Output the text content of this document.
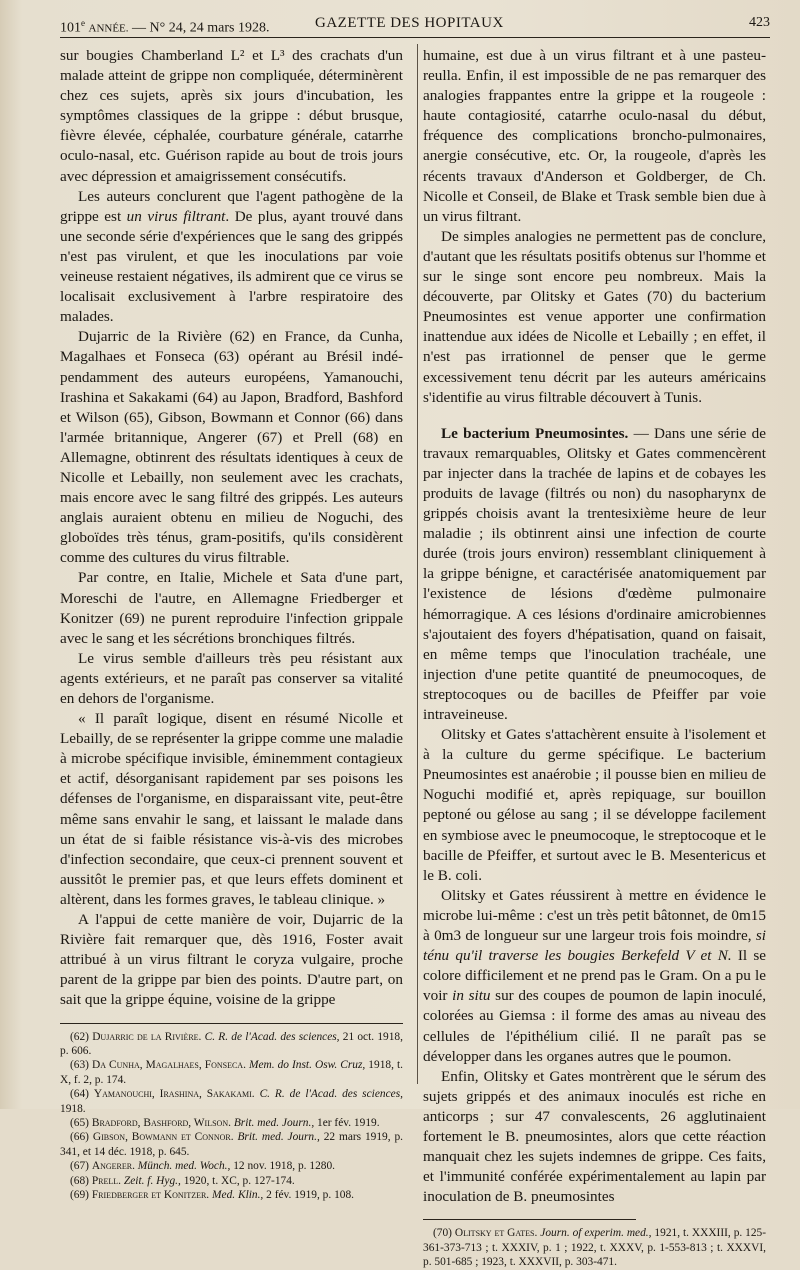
101e ANNÉE. — N° 24, 24 mars 1928.	GAZETTE DES HOPITAUX	423

sur bougies Chamberland L² et L³ des crachats d'un malade atteint de grippe non compliquée, déterminèrent chez ces sujets, après six jours d'incubation, les symptômes classiques de la grippe : début brusque, fièvre élevée, céphalée, courbature générale, catarrhe oculo-nasal, etc. Guérison rapide au bout de trois jours avec dépression et amaigrissement consécutifs.

Les auteurs conclurent que l'agent pathogène de la grippe est un virus filtrant. De plus, ayant trouvé dans une seconde série d'expériences que le sang des grippés n'est pas virulent, et que les inoculations par voie veineuse restaient négatives, ils admirent que ce virus se localisait exclusivement à l'arbre respiratoire des malades.

Dujarric de la Rivière (62) en France, da Cunha, Magalhaes et Fonseca (63) opérant au Brésil indépendamment des auteurs européens, Yamanouchi, Irashina et Sakakami (64) au Japon, Bradford, Bashford et Wilson (65), Gibson, Bowmann et Connor (66) dans l'armée britannique, Angerer (67) et Prell (68) en Allemagne, obtinrent des résultats identiques à ceux de Nicolle et Lebailly, non seulement avec les crachats, mais encore avec le sang filtré des grippés. Les auteurs anglais auraient obtenu en milieu de Noguchi, des globoïdes très ténus, gram-positifs, qu'ils considèrent comme des cultures du virus filtrable.

Par contre, en Italie, Michele et Sata d'une part, Moreschi de l'autre, en Allemagne Friedberger et Konitzer (69) ne purent reproduire l'infection grippale avec le sang et les sécrétions bronchiques filtrés.

Le virus semble d'ailleurs très peu résistant aux agents extérieurs, et ne paraît pas conserver sa vitalité en dehors de l'organisme.

« Il paraît logique, disent en résumé Nicolle et Lebailly, de se représenter la grippe comme une maladie à microbe spécifique invisible, éminemment contagieux et actif, désorganisant rapidement par ses poisons les défenses de l'organisme, en disparaissant vite, peut-être même sans envahir le sang, et laissant le malade dans un état de si faible résistance vis-à-vis des microbes d'infection secondaire, que ceux-ci prennent souvent et aussitôt le premier pas, et que leurs effets dominent et altèrent, dans les formes graves, le tableau clinique. »

A l'appui de cette manière de voir, Dujarric de la Rivière fait remarquer que, dès 1916, Foster avait attribué à un virus filtrant le coryza vulgaire, proche parent de la grippe par bien des points. D'autre part, on sait que la grippe équine, voisine de la grippe

(62) Dujarric de la Rivière. C. R. de l'Acad. des sciences, 21 oct. 1918, p. 606.

(63) Da Cunha, Magalhaes, Fonseca. Mem. do Inst. Osw. Cruz, 1918, t. X, f. 2, p. 174.

(64) Yamanouchi, Irashina, Sakakami. C. R. de l'Acad. des sciences, 1918.

(65) Bradford, Bashford, Wilson. Brit. med. Journ., 1er fév. 1919.

(66) Gibson, Bowmann et Connor. Brit. med. Journ., 22 mars 1919, p. 341, et 14 déc. 1918, p. 645.

(67) Angerer. Münch. med. Woch., 12 nov. 1918, p. 1280.

(68) Prell. Zeit. f. Hyg., 1920, t. XC, p. 127-174.

(69) Friedberger et Konitzer. Med. Klin., 2 fév. 1919, p. 108.

humaine, est due à un virus filtrant et à une pasteureulla. Enfin, il est impossible de ne pas remarquer des analogies frappantes entre la grippe et la rougeole : haute contagiosité, catarrhe oculo-nasal du début, fréquence des complications broncho-pulmonaires, anergie consécutive, etc. Or, la rougeole, d'après les récents travaux d'Anderson et Goldberger, de Ch. Nicolle et Conseil, de Blake et Trask semble bien due à un virus filtrant.

De simples analogies ne permettent pas de conclure, d'autant que les résultats positifs obtenus sur l'homme et sur le singe sont encore peu nombreux. Mais la découverte, par Olitsky et Gates (70) du bacterium Pneumosintes est venue apporter une confirmation inattendue aux idées de Nicolle et Lebailly ; en effet, il n'est pas irrationnel de penser que le germe excessivement tenu décrit par les auteurs américains s'identifie au virus filtrable découvert à Tunis.

Le bacterium Pneumosintes. — Dans une série de travaux remarquables, Olitsky et Gates commencèrent par injecter dans la trachée de lapins et de cobayes les produits de lavage (filtrés ou non) du nasopharynx de grippés choisis avant la trentesixième heure de leur maladie ; ils obtinrent ainsi une infection de courte durée (trois jours environ) ressemblant cliniquement à la grippe bénigne, et caractérisée anatomiquement par l'existence de lésions d'œdème pulmonaire hémorragique. A ces lésions d'ordinaire amicrobiennes s'ajoutaient des foyers d'hépatisation, quand on faisait, en même temps que l'inoculation trachéale, une injection d'une petite quantité de pneumocoques, de streptocoques ou de bacilles de Pfeiffer par voie intraveineuse.

Olitsky et Gates s'attachèrent ensuite à l'isolement et à la culture du germe spécifique. Le bacterium Pneumosintes est anaérobie ; il pousse bien en milieu de Noguchi modifié et, après repiquage, sur bouillon peptoné ou gélose au sang ; il se développe facilement en symbiose avec le pneumocoque, le streptocoque et le bacille de Pfeiffer, et surtout avec le B. Mesentericus et le B. coli.

Olitsky et Gates réussirent à mettre en évidence le microbe lui-même : c'est un très petit bâtonnet, de 0m15 à 0m3 de longueur sur une largeur trois fois moindre, si ténu qu'il traverse les bougies Berkefeld V et N. Il se colore difficilement et ne prend pas le Gram. On a pu le voir in situ sur des coupes de poumon de lapin inoculé, colorées au Giemsa : il forme des amas au niveau des cellules de l'épithélium cilié. Il ne paraît pas se développer dans les organes autres que le poumon.

Enfin, Olitsky et Gates montrèrent que le sérum des sujets grippés et des animaux inoculés est riche en anticorps ; sur 47 convalescents, 26 agglutinaient fortement le B. pneumosintes, alors que cette réaction manquait chez les sujets indemnes de grippe. Ces faits, et l'immunité conférée expérimentalement au lapin par inoculation de B. pneumosintes

(70) Olitsky et Gates. Journ. of experim. med., 1921, t. XXXIII, p. 125-361-373-713 ; t. XXXIV, p. 1 ; 1922, t. XXXV, p. 1-553-813 ; t. XXXVI, p. 501-685 ; 1923, t. XXXVII, p. 303-471.
